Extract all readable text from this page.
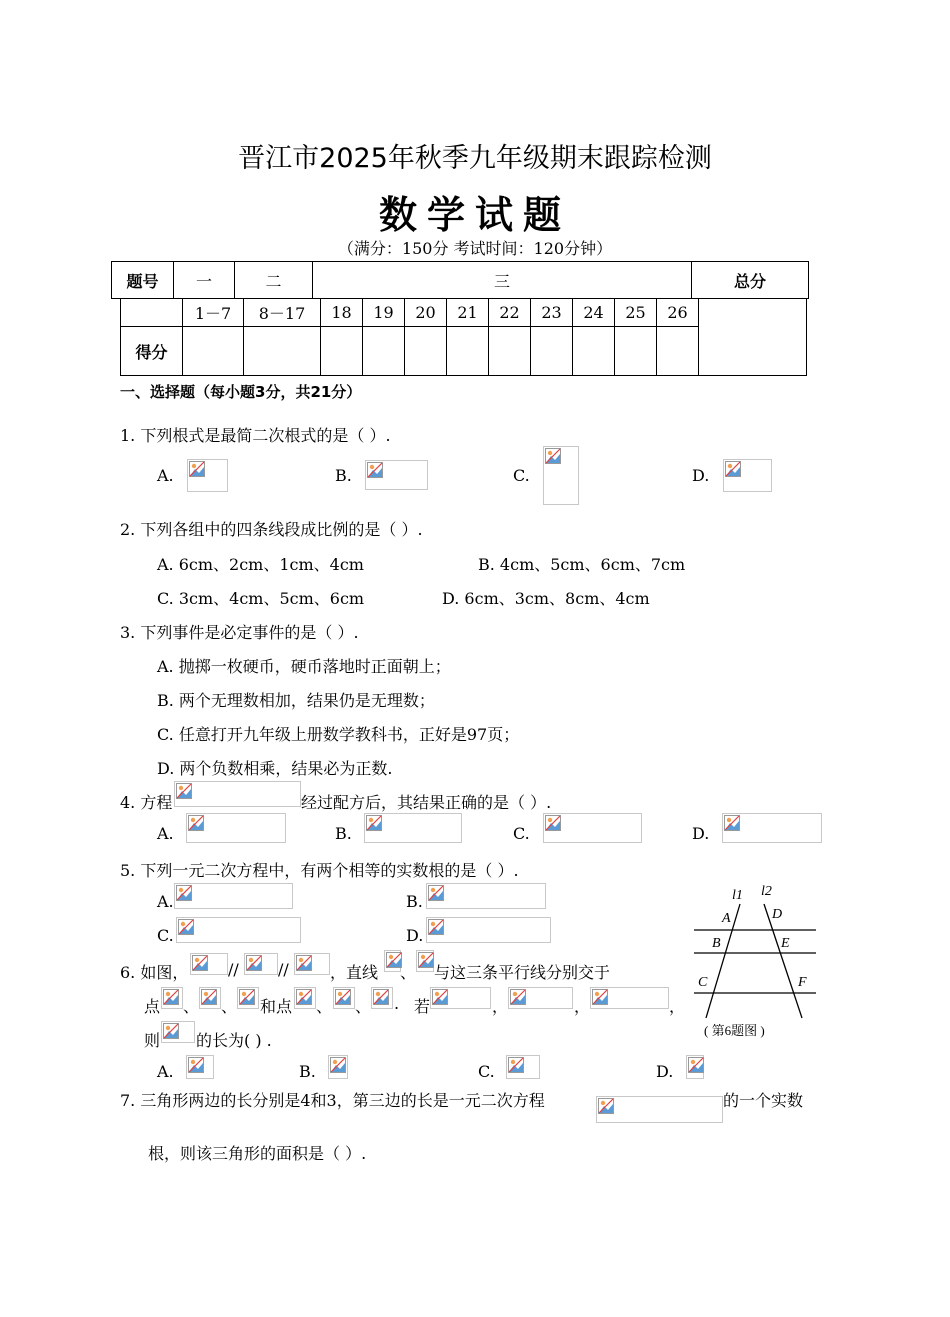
晋江市2025年秋季九年级期末跟踪检测
数学试题
（满分：150分 考试时间：120分钟）
题号	一	二	三	总分
	1－7	8－17	18	19	20	21	22	23	24	25	26	
得分												
一、选择题（每小题3分，共21分）
1. 下列根式是最简二次根式的是（ ）.
A.	B.	C.	D.
2. 下列各组中的四条线段成比例的是（ ）.
A. 6cm、2cm、1cm、4cm	B. 4cm、5cm、6cm、7cm
C. 3cm、4cm、5cm、6cm	D. 6cm、3cm、8cm、4cm
3. 下列事件是必定事件的是（ ）.
A. 抛掷一枚硬币，硬币落地时正面朝上；
B. 两个无理数相加，结果仍是无理数；
C. 任意打开九年级上册数学教科书，正好是97页；
D. 两个负数相乘，结果必为正数.
4. 方程	经过配方后，其结果正确的是（ ）.
A.	B.	C.	D.
5. 下列一元二次方程中，有两个相等的实数根的是（ ）.
A.	B.
C.	D.
6. 如图， // //	，直线 、 与这三条平行线分别交于
点 、 、 和点 、 、 . 若	，	，	，
则 的长为( ) .
A.	B.	C.	D.
l1 l2
A	D
B	E
C	F
( 第6题图 )
7. 三角形两边的长分别是4和3，第三边的长是一元二次方程	的一个实数
根，则该三角形的面积是（ ）.
